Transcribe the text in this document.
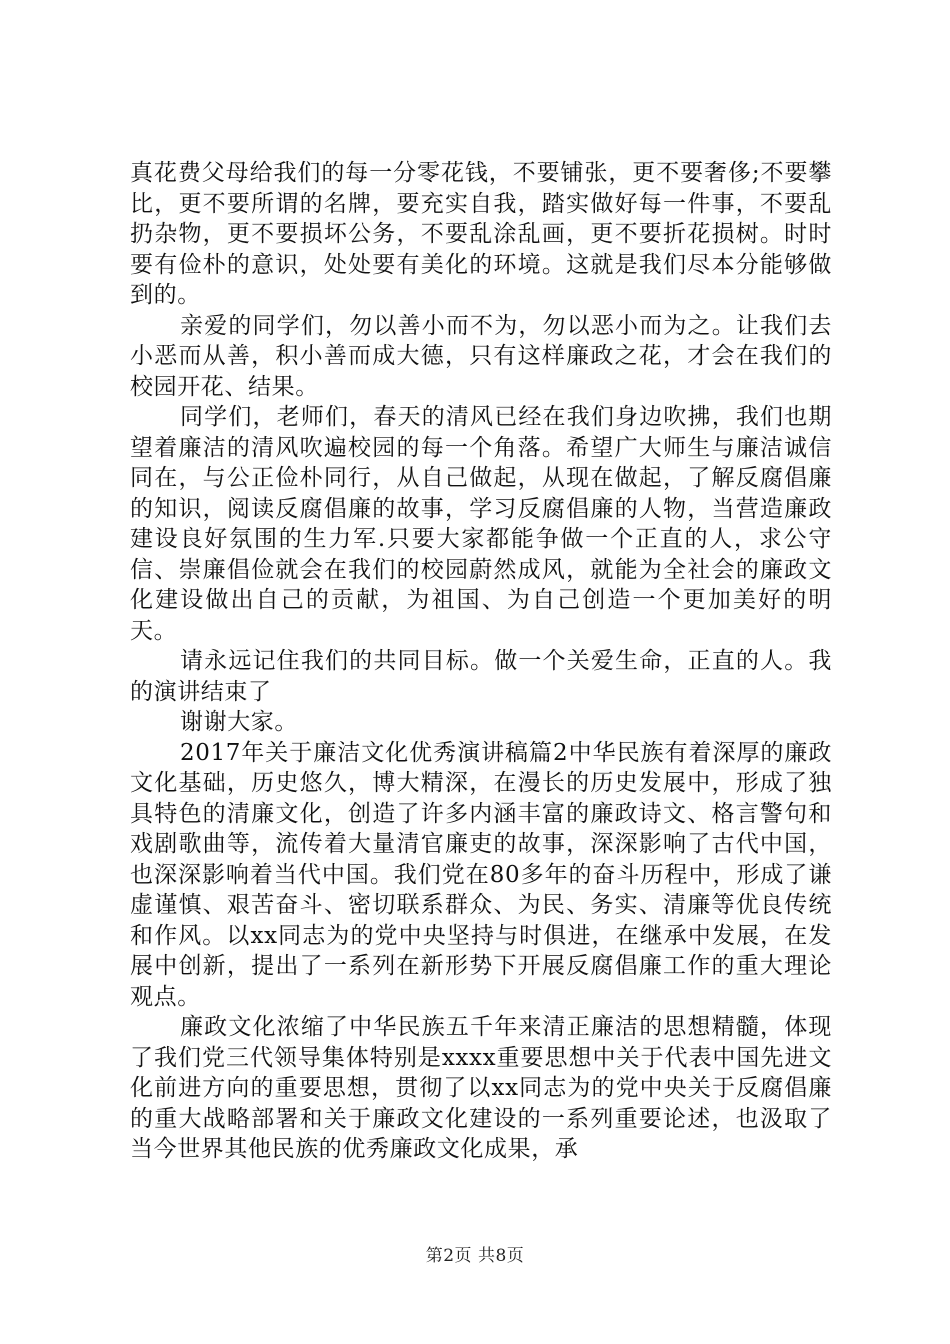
真花费父母给我们的每一分零花钱，不要铺张，更不要奢侈;不要攀比，更不要所谓的名牌，要充实自我，踏实做好每一件事，不要乱扔杂物，更不要损坏公务，不要乱涂乱画，更不要折花损树。时时要有俭朴的意识，处处要有美化的环境。这就是我们尽本分能够做到的。

亲爱的同学们，勿以善小而不为，勿以恶小而为之。让我们去小恶而从善，积小善而成大德，只有这样廉政之花，才会在我们的校园开花、结果。

同学们，老师们，春天的清风已经在我们身边吹拂，我们也期望着廉洁的清风吹遍校园的每一个角落。希望广大师生与廉洁诚信同在，与公正俭朴同行，从自己做起，从现在做起，了解反腐倡廉的知识，阅读反腐倡廉的故事，学习反腐倡廉的人物，当营造廉政建设良好氛围的生力军.只要大家都能争做一个正直的人，求公守信、崇廉倡俭就会在我们的校园蔚然成风，就能为全社会的廉政文化建设做出自己的贡献，为祖国、为自己创造一个更加美好的明天。

请永远记住我们的共同目标。做一个关爱生命，正直的人。我的演讲结束了

谢谢大家。

2017年关于廉洁文化优秀演讲稿篇2中华民族有着深厚的廉政文化基础，历史悠久，博大精深，在漫长的历史发展中，形成了独具特色的清廉文化，创造了许多内涵丰富的廉政诗文、格言警句和戏剧歌曲等，流传着大量清官廉吏的故事，深深影响了古代中国，也深深影响着当代中国。我们党在80多年的奋斗历程中，形成了谦虚谨慎、艰苦奋斗、密切联系群众、为民、务实、清廉等优良传统和作风。以xx同志为的党中央坚持与时俱进，在继承中发展，在发展中创新，提出了一系列在新形势下开展反腐倡廉工作的重大理论观点。

廉政文化浓缩了中华民族五千年来清正廉洁的思想精髓，体现了我们党三代领导集体特别是xxxx重要思想中关于代表中国先进文化前进方向的重要思想，贯彻了以xx同志为的党中央关于反腐倡廉的重大战略部署和关于廉政文化建设的一系列重要论述，也汲取了当今世界其他民族的优秀廉政文化成果，承

第2页 共8页
